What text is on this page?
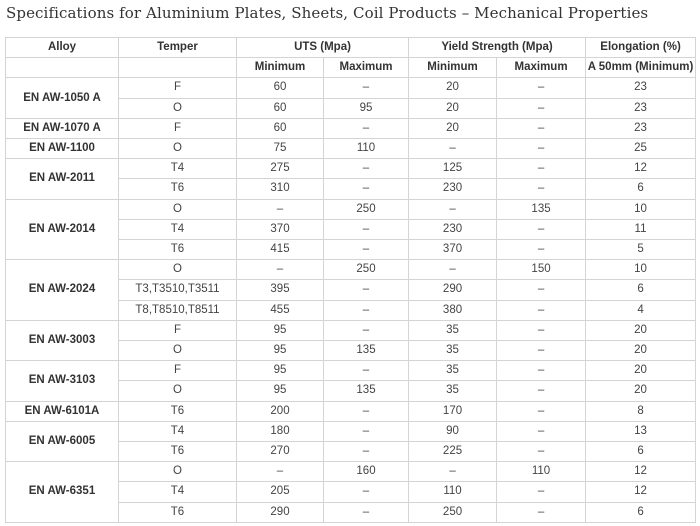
Specifications for Aluminium Plates, Sheets, Coil Products – Mechanical Properties
Alloy	Temper	UTS (Mpa)		Yield Strength (Mpa)		Elongation (%)
		Minimum	Maximum	Minimum	Maximum	A 50mm (Minimum)
EN AW-1050 A	F	60	–	20	–	23
	O	60	95	20	–	23
EN AW-1070 A	F	60	–	20	–	23
EN AW-1100	O	75	110	–	–	25
EN AW-2011	T4	275	–	125	–	12
	T6	310	–	230	–	6
EN AW-2014	O	–	250	–	135	10
	T4	370	–	230	–	11
	T6	415	–	370	–	5
EN AW-2024	O	–	250	–	150	10
	T3,T3510,T3511	395	–	290	–	6
	T8,T8510,T8511	455	–	380	–	4
EN AW-3003	F	95	–	35	–	20
	O	95	135	35	–	20
EN AW-3103	F	95	–	35	–	20
	O	95	135	35	–	20
EN AW-6101A	T6	200	–	170	–	8
EN AW-6005	T4	180	–	90	–	13
	T6	270	–	225	–	6
EN AW-6351	O	–	160	–	110	12
	T4	205	–	110	–	12
	T6	290	–	250	–	6
